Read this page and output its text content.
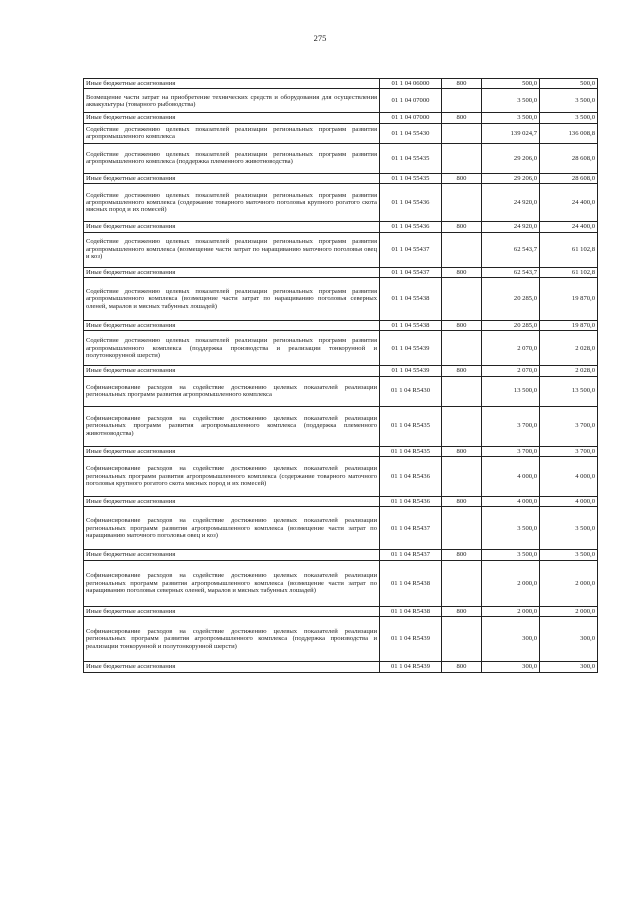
275
Иные бюджетные ассигнования	01 1 04 06000	800	500,0	500,0
Возмещение части затрат на приобретение технических средств и оборудования для осуществления аквакультуры (товарного рыбоводства)	01 1 04 07000		3 500,0	3 500,0
Иные бюджетные ассигнования	01 1 04 07000	800	3 500,0	3 500,0
Содействие достижению целевых показателей реализации региональных программ развития агропромышленного комплекса	01 1 04 55430		139 024,7	136 008,8
Содействие достижению целевых показателей реализации региональных программ развития агропромышленного комплекса (поддержка племенного животноводства)	01 1 04 55435		29 206,0	28 608,0
Иные бюджетные ассигнования	01 1 04 55435	800	29 206,0	28 608,0
Содействие достижению целевых показателей реализации региональных программ развития агропромышленного комплекса (содержание товарного маточного поголовья крупного рогатого скота мясных пород и их помесей)	01 1 04 55436		24 920,0	24 400,0
Иные бюджетные ассигнования	01 1 04 55436	800	24 920,0	24 400,0
Содействие достижению целевых показателей реализации региональных программ развития агропромышленного комплекса (возмещение части затрат по наращиванию маточного поголовья овец и коз)	01 1 04 55437		62 543,7	61 102,8
Иные бюджетные ассигнования	01 1 04 55437	800	62 543,7	61 102,8
Содействие достижению целевых показателей реализации региональных программ развития агропромышленного комплекса (возмещение части затрат по наращиванию поголовья северных оленей, маралов и мясных табунных лошадей)	01 1 04 55438		20 285,0	19 870,0
Иные бюджетные ассигнования	01 1 04 55438	800	20 285,0	19 870,0
Содействие достижению целевых показателей реализации региональных программ развития агропромышленного комплекса (поддержка производства и реализации тонкорунной и полутонкорунной шерсти)	01 1 04 55439		2 070,0	2 028,0
Иные бюджетные ассигнования	01 1 04 55439	800	2 070,0	2 028,0
Софинансирование расходов на содействие достижению целевых показателей реализации региональных программ развития агропромышленного комплекса	01 1 04 R5430		13 500,0	13 500,0
Софинансирование расходов на содействие достижению целевых показателей реализации региональных программ развития агропромышленного комплекса (поддержка племенного животноводства)	01 1 04 R5435		3 700,0	3 700,0
Иные бюджетные ассигнования	01 1 04 R5435	800	3 700,0	3 700,0
Софинансирование расходов на содействие достижению целевых показателей реализации региональных программ развития агропромышленного комплекса (содержание товарного маточного поголовья крупного рогатого скота мясных пород и их помесей)	01 1 04 R5436		4 000,0	4 000,0
Иные бюджетные ассигнования	01 1 04 R5436	800	4 000,0	4 000,0
Софинансирование расходов на содействие достижению целевых показателей реализации региональных программ развития агропромышленного комплекса (возмещение части затрат по наращиванию маточного поголовья овец и коз)	01 1 04 R5437		3 500,0	3 500,0
Иные бюджетные ассигнования	01 1 04 R5437	800	3 500,0	3 500,0
Софинансирование расходов на содействие достижению целевых показателей реализации региональных программ развития агропромышленного комплекса (возмещение части затрат по наращиванию поголовья северных оленей, маралов и мясных табунных лошадей)	01 1 04 R5438		2 000,0	2 000,0
Иные бюджетные ассигнования	01 1 04 R5438	800	2 000,0	2 000,0
Софинансирование расходов на содействие достижению целевых показателей реализации региональных программ развития агропромышленного комплекса (поддержка производства и реализации тонкорунной и полутонкорунной шерсти)	01 1 04 R5439		300,0	300,0
Иные бюджетные ассигнования	01 1 04 R5439	800	300,0	300,0
